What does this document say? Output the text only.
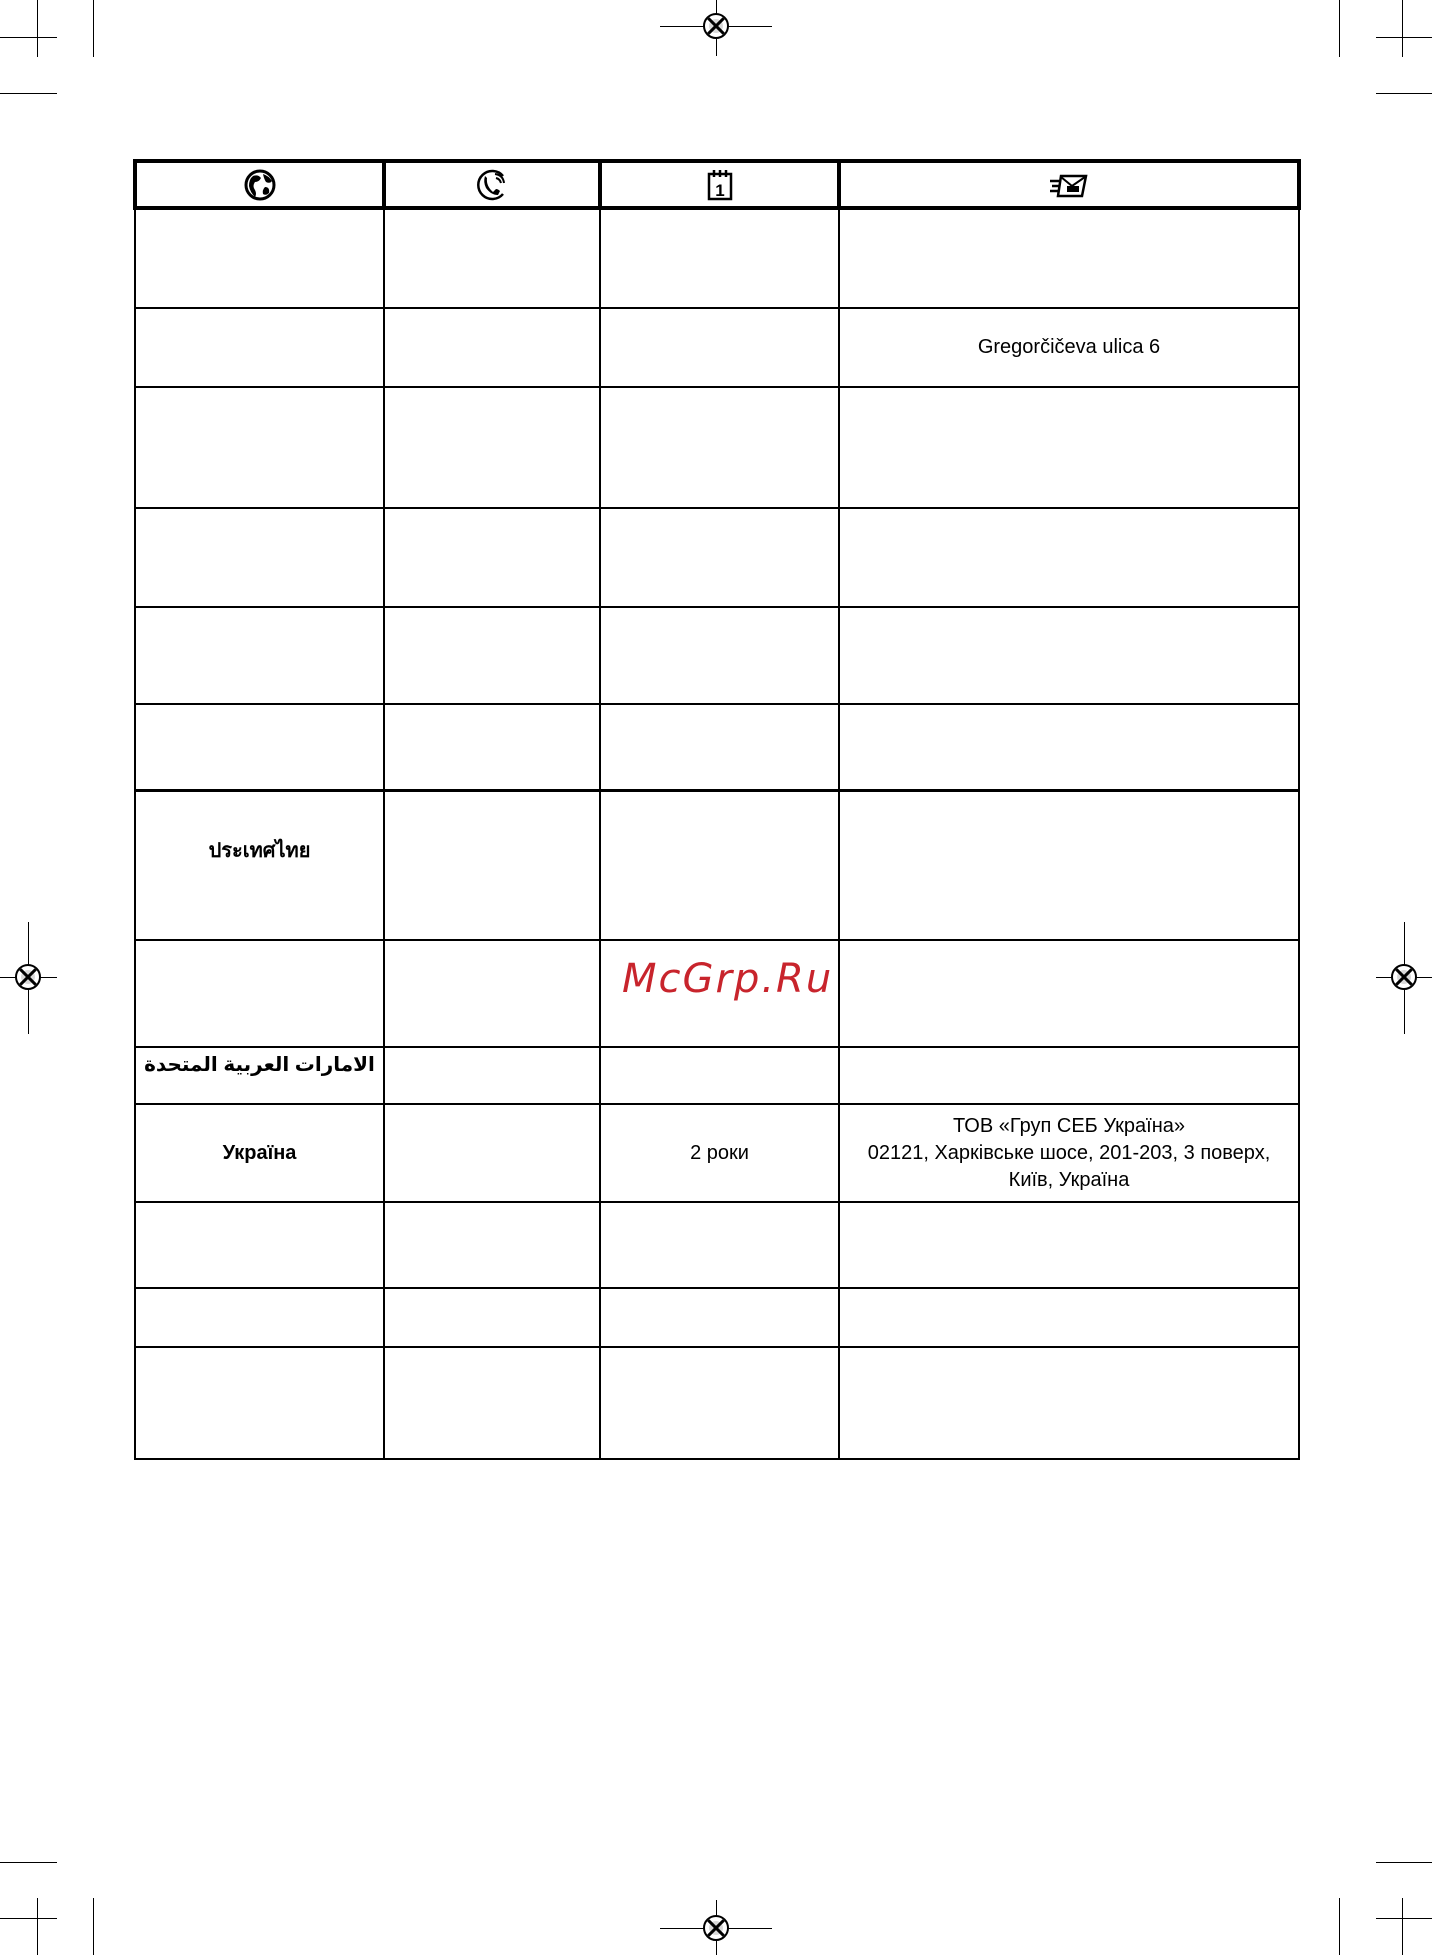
1

			Gregorčičeva ulica 6

ประเทศไทย			

الامارات العربية المتحدة			
Україна		2 роки	ТОВ «Груп СЕБ Україна»
02121, Харківське шосе, 201-203, 3 поверх,
Київ, Україна

McGrp.Ru
